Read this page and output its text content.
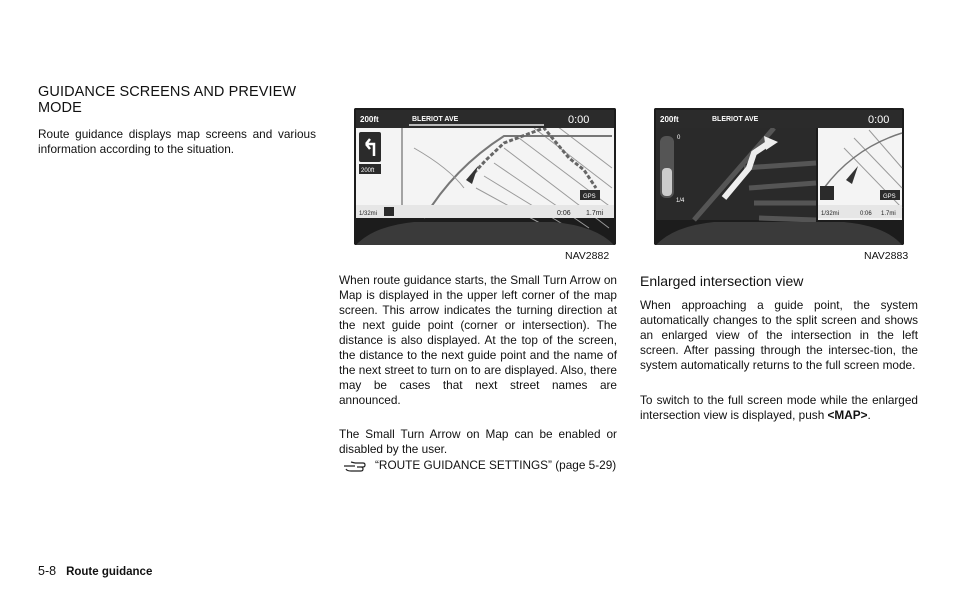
GUIDANCE SCREENS AND PREVIEW MODE
Route guidance displays map screens and various information according to the situation.
200ft	BLERIOT AVE	0:00
200ft
GPS
1/32mi	0:06 1.7mi
NAV2882
0
1/4
GPS
1/32mi	0:06 1.7mi
200ft	BLERIOT AVE	0:00
NAV2883
When route guidance starts, the Small Turn Arrow on Map is displayed in the upper left corner of the map screen. This arrow indicates the turning direction at the next guide point (corner or intersection). The distance is also displayed. At the top of the screen, the distance to the next guide point and the name of the next street to turn on to are displayed. Also, there may be cases that next street names are announced.
The Small Turn Arrow on Map can be enabled or disabled by the user.
“ROUTE GUIDANCE SETTINGS” (page 5-29)
Enlarged intersection view
When approaching a guide point, the system automatically changes to the split screen and shows an enlarged view of the intersection in the left screen. After passing through the intersec-tion, the system automatically returns to the full screen mode.
To switch to the full screen mode while the enlarged intersection view is displayed, push <MAP>.
5-8 Route guidance
